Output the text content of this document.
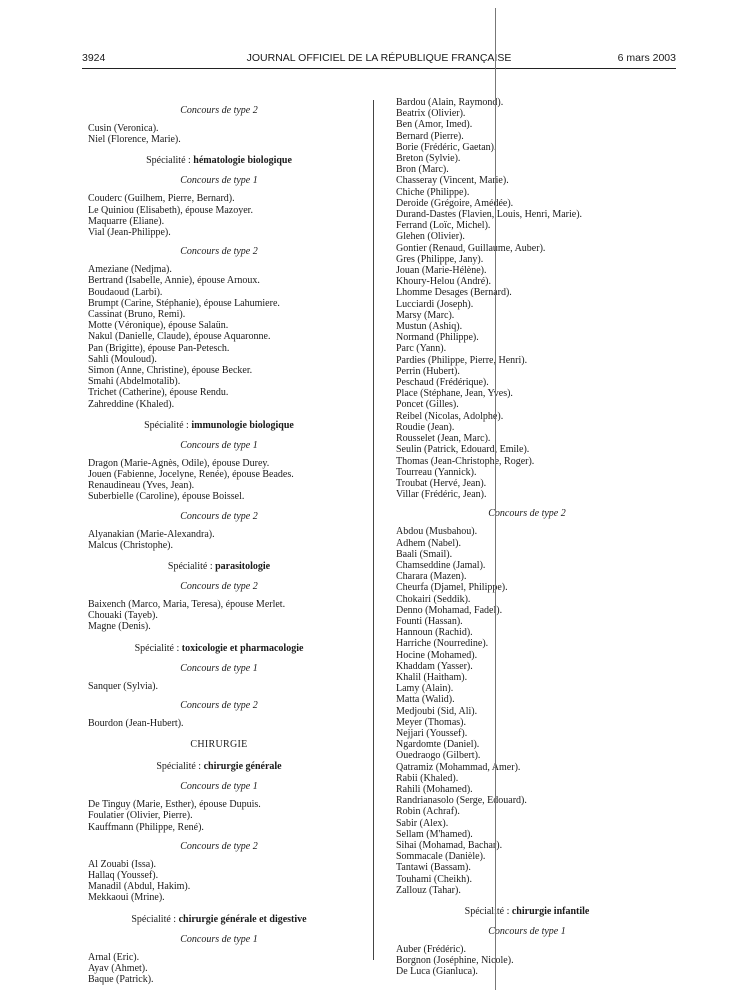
3924	JOURNAL OFFICIEL DE LA RÉPUBLIQUE FRANÇAISE	6 mars 2003
Concours de type 2
Cusin (Veronica).
Niel (Florence, Marie).
Spécialité : hématologie biologique
Concours de type 1
Couderc (Guilhem, Pierre, Bernard).
Le Quiniou (Elisabeth), épouse Mazoyer.
Maquarre (Eliane).
Vial (Jean-Philippe).
Concours de type 2
Ameziane (Nedjma).
Bertrand (Isabelle, Annie), épouse Arnoux.
Boudaoud (Larbi).
Brumpt (Carine, Stéphanie), épouse Lahumiere.
Cassinat (Bruno, Remi).
Motte (Véronique), épouse Salaün.
Nakul (Danielle, Claude), épouse Aquaronne.
Pan (Brigitte), épouse Pan-Petesch.
Sahli (Mouloud).
Simon (Anne, Christine), épouse Becker.
Smahi (Abdelmotalib).
Trichet (Catherine), épouse Rendu.
Zahreddine (Khaled).
Spécialité : immunologie biologique
Concours de type 1
Dragon (Marie-Agnès, Odile), épouse Durey.
Jouen (Fabienne, Jocelyne, Renée), épouse Beades.
Renaudineau (Yves, Jean).
Suberbielle (Caroline), épouse Boissel.
Concours de type 2
Alyanakian (Marie-Alexandra).
Malcus (Christophe).
Spécialité : parasitologie
Concours de type 2
Baixench (Marco, Maria, Teresa), épouse Merlet.
Chouaki (Tayeb).
Magne (Denis).
Spécialité : toxicologie et pharmacologie
Concours de type 1
Sanquer (Sylvia).
Concours de type 2
Bourdon (Jean-Hubert).
CHIRURGIE
Spécialité : chirurgie générale
Concours de type 1
De Tinguy (Marie, Esther), épouse Dupuis.
Foulatier (Olivier, Pierre).
Kauffmann (Philippe, René).
Concours de type 2
Al Zouabi (Issa).
Hallaq (Youssef).
Manadil (Abdul, Hakim).
Mekkaoui (Mrine).
Spécialité : chirurgie générale et digestive
Concours de type 1
Arnal (Eric).
Ayav (Ahmet).
Baque (Patrick).
Bardou (Alain, Raymond).
Beatrix (Olivier).
Ben (Amor, Imed).
Bernard (Pierre).
Borie (Frédéric, Gaetan).
Breton (Sylvie).
Bron (Marc).
Chasseray (Vincent, Marie).
Chiche (Philippe).
Deroide (Grégoire, Amédée).
Durand-Dastes (Flavien, Louis, Henri, Marie).
Ferrand (Loïc, Michel).
Glehen (Olivier).
Gontier (Renaud, Guillaume, Auber).
Gres (Philippe, Jany).
Jouan (Marie-Hélène).
Khoury-Helou (André).
Lhomme Desages (Bernard).
Lucciardi (Joseph).
Marsy (Marc).
Mustun (Ashiq).
Normand (Philippe).
Parc (Yann).
Pardies (Philippe, Pierre, Henri).
Perrin (Hubert).
Peschaud (Frédérique).
Place (Stéphane, Jean, Yves).
Poncet (Gilles).
Reibel (Nicolas, Adolphe).
Roudie (Jean).
Rousselet (Jean, Marc).
Seulin (Patrick, Edouard, Emile).
Thomas (Jean-Christophe, Roger).
Tourreau (Yannick).
Troubat (Hervé, Jean).
Villar (Frédéric, Jean).
Concours de type 2
Abdou (Musbahou).
Adhem (Nabel).
Baali (Smail).
Chamseddine (Jamal).
Charara (Mazen).
Cheurfa (Djamel, Philippe).
Chokairi (Seddik).
Denno (Mohamad, Fadel).
Founti (Hassan).
Hannoun (Rachid).
Harriche (Nourredine).
Hocine (Mohamed).
Khaddam (Yasser).
Khalil (Haitham).
Lamy (Alain).
Matta (Walid).
Medjoubi (Sid, Ali).
Meyer (Thomas).
Nejjari (Youssef).
Ngardomte (Daniel).
Ouedraogo (Gilbert).
Qatramiz (Mohammad, Amer).
Rabii (Khaled).
Rahili (Mohamed).
Randrianasolo (Serge, Edouard).
Robin (Achraf).
Sabir (Alex).
Sellam (M'hamed).
Sihai (Mohamad, Bachar).
Sommacale (Danièle).
Tantawi (Bassam).
Touhami (Cheikh).
Zallouz (Tahar).
Spécialité : chirurgie infantile
Concours de type 1
Auber (Frédéric).
Borgnon (Joséphine, Nicole).
De Luca (Gianluca).
